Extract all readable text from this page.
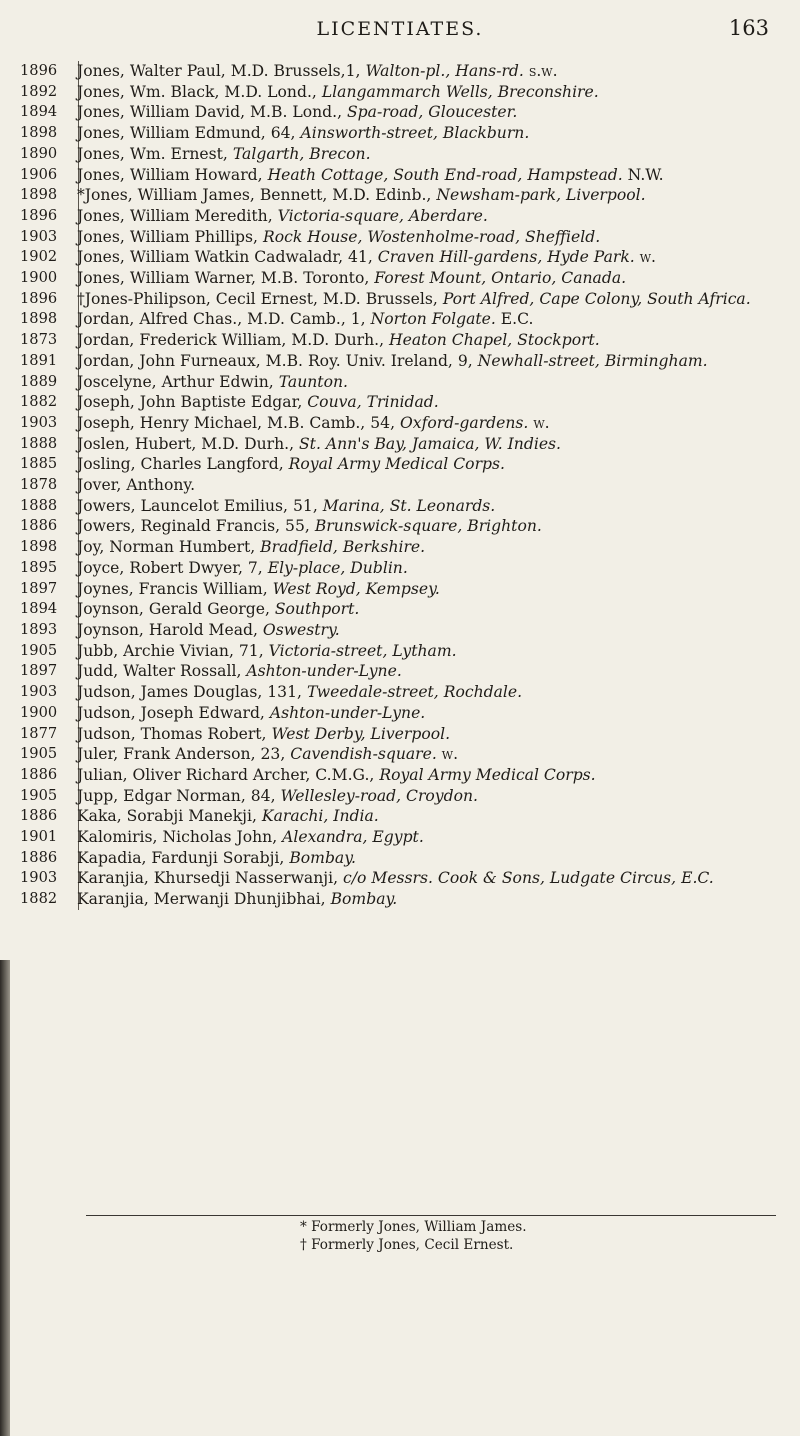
LICENTIATES.	163
1896	Jones, Walter Paul, M.D. Brussels,1, Walton-pl., Hans-rd. s.w.
1892	Jones, Wm. Black, M.D. Lond., Llangammarch Wells, Breconshire.
1894	Jones, William David, M.B. Lond., Spa-road, Gloucester.
1898	Jones, William Edmund, 64, Ainsworth-street, Blackburn.
1890	Jones, Wm. Ernest, Talgarth, Brecon.
1906	Jones, William Howard, Heath Cottage, South End-road, Hampstead. N.W.
1898	*Jones, William James, Bennett, M.D. Edinb., Newsham-park, Liverpool.
1896	Jones, William Meredith, Victoria-square, Aberdare.
1903	Jones, William Phillips, Rock House, Wostenholme-road, Sheffield.
1902	Jones, William Watkin Cadwaladr, 41, Craven Hill-gardens, Hyde Park. w.
1900	Jones, William Warner, M.B. Toronto, Forest Mount, Ontario, Canada.
1896	†Jones-Philipson, Cecil Ernest, M.D. Brussels, Port Alfred, Cape Colony, South Africa.
1898	Jordan, Alfred Chas., M.D. Camb., 1, Norton Folgate. E.C.
1873	Jordan, Frederick William, M.D. Durh., Heaton Chapel, Stockport.
1891	Jordan, John Furneaux, M.B. Roy. Univ. Ireland, 9, Newhall-street, Birmingham.
1889	Joscelyne, Arthur Edwin, Taunton.
1882	Joseph, John Baptiste Edgar, Couva, Trinidad.
1903	Joseph, Henry Michael, M.B. Camb., 54, Oxford-gardens. w.
1888	Joslen, Hubert, M.D. Durh., St. Ann's Bay, Jamaica, W. Indies.
1885	Josling, Charles Langford, Royal Army Medical Corps.
1878	Jover, Anthony.
1888	Jowers, Launcelot Emilius, 51, Marina, St. Leonards.
1886	Jowers, Reginald Francis, 55, Brunswick-square, Brighton.
1898	Joy, Norman Humbert, Bradfield, Berkshire.
1895	Joyce, Robert Dwyer, 7, Ely-place, Dublin.
1897	Joynes, Francis William, West Royd, Kempsey.
1894	Joynson, Gerald George, Southport.
1893	Joynson, Harold Mead, Oswestry.
1905	Jubb, Archie Vivian, 71, Victoria-street, Lytham.
1897	Judd, Walter Rossall, Ashton-under-Lyne.
1903	Judson, James Douglas, 131, Tweedale-street, Rochdale.
1900	Judson, Joseph Edward, Ashton-under-Lyne.
1877	Judson, Thomas Robert, West Derby, Liverpool.
1905	Juler, Frank Anderson, 23, Cavendish-square. w.
1886	Julian, Oliver Richard Archer, C.M.G., Royal Army Medical Corps.
1905	Jupp, Edgar Norman, 84, Wellesley-road, Croydon.
1886	Kaka, Sorabji Manekji, Karachi, India.
1901	Kalomiris, Nicholas John, Alexandra, Egypt.
1886	Kapadia, Fardunji Sorabji, Bombay.
1903	Karanjia, Khursedji Nasserwanji, c/o Messrs. Cook & Sons, Ludgate Circus, E.C.
1882	Karanjia, Merwanji Dhunjibhai, Bombay.
* Formerly Jones, William James.
† Formerly Jones, Cecil Ernest.
